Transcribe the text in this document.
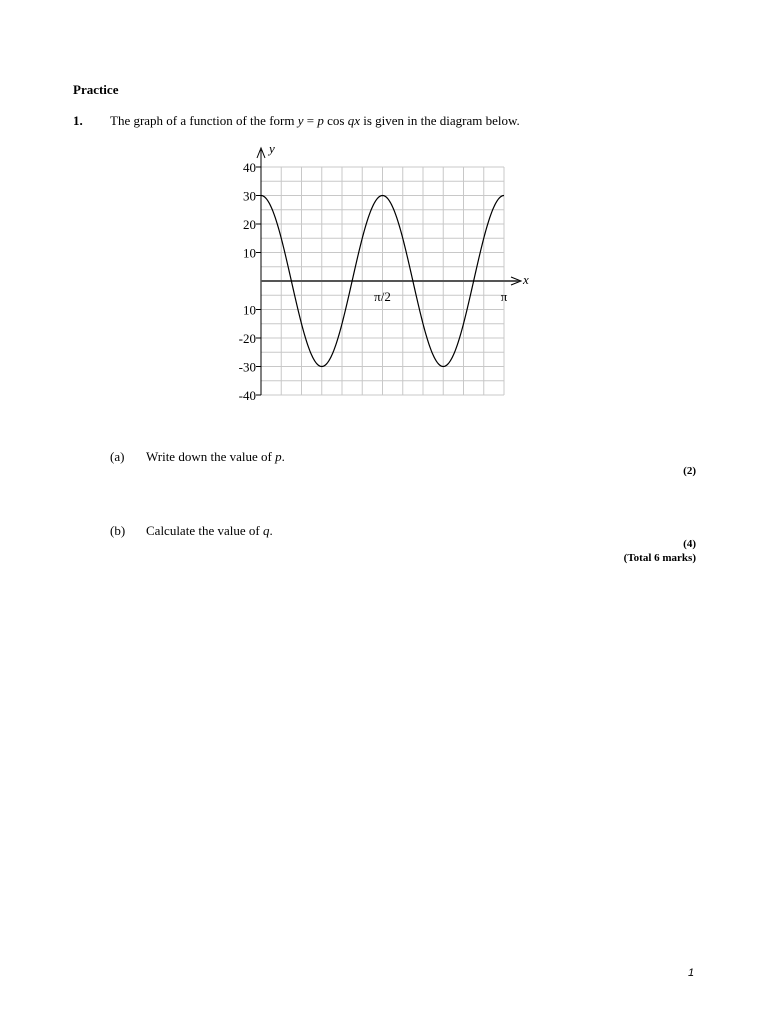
Practice
1. The graph of a function of the form y = p cos qx is given in the diagram below.
y
x
40
30
20
10
10
-20
-30
-40
π/2	π
(a) Write down the value of p.
(2)
(b) Calculate the value of q.
(4)
(Total 6 marks)
1
